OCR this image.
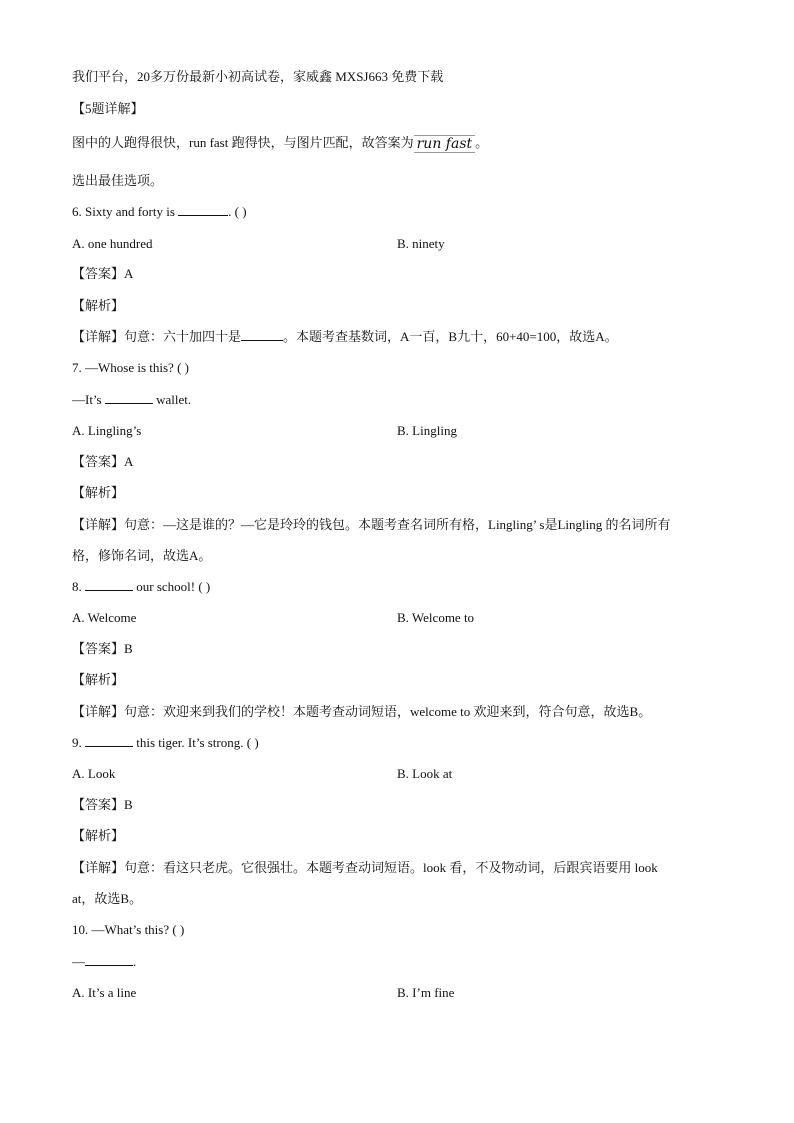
我们平台，20多万份最新小初高试卷，家威鑫 MXSJ663 免费下载
【5题详解】
图中的人跑得很快，run fast 跑得快，与图片匹配，故答案为 run fast 。
选出最佳选项。
6. Sixty and forty is	. ( )
A. one hundred	B. ninety
【答案】A
【解析】
【详解】句意：六十加四十是	。本题考查基数词，A一百，B九十，60+40=100，故选A。
7. —Whose is this? ( )
—It’s	wallet.
A. Lingling’s	B. Lingling
【答案】A
【解析】
【详解】句意：—这是谁的？—它是玲玲的钱包。本题考查名词所有格，Lingling’ s是Lingling 的名词所有
格，修饰名词，故选A。
8.	our school! ( )
A. Welcome	B. Welcome to
【答案】B
【解析】
【详解】句意：欢迎来到我们的学校！本题考查动词短语，welcome to 欢迎来到，符合句意，故选B。
9.	this tiger. It’s strong. ( )
A. Look	B. Look at
【答案】B
【解析】
【详解】句意：看这只老虎。它很强壮。本题考查动词短语。look 看，不及物动词，后跟宾语要用 look
at，故选B。
10. —What’s this? ( )
—	.
A. It’s a line	B. I’m fine
